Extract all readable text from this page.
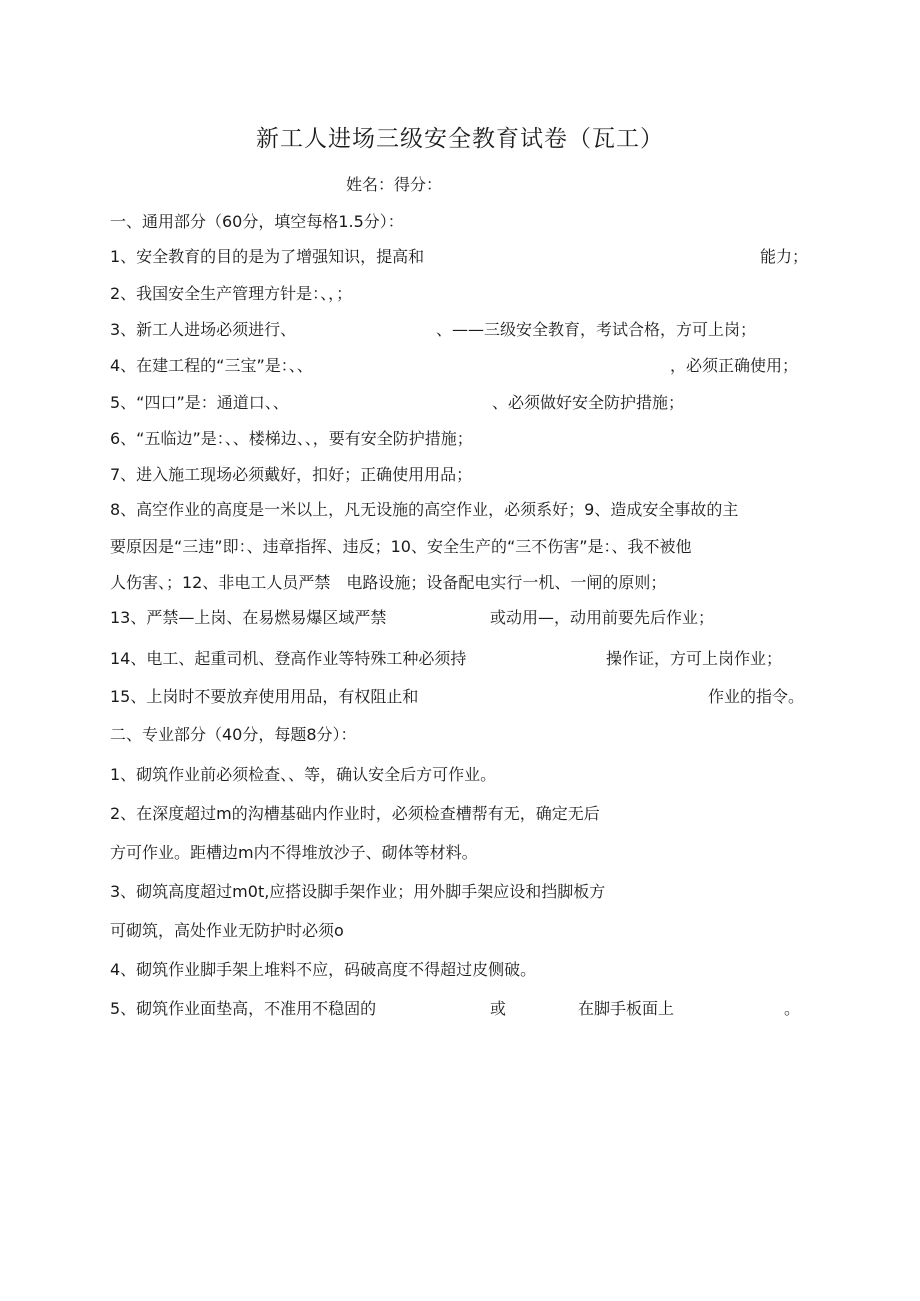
新工人进场三级安全教育试卷（瓦工）
姓名：得分：
一、通用部分（60分，填空每格1.5分）：
1、安全教育的目的是为了增强知识，提高和	能力；
2、我国安全生产管理方针是：、，；
3、新工人进场必须进行、	、——三级安全教育，考试合格，方可上岗；
4、在建工程的“三宝”是：、、	，必须正确使用；
5、“四口”是：通道口、、	、必须做好安全防护措施；
6、“五临边”是：、、楼梯边、、，要有安全防护措施；
7、进入施工现场必须戴好，扣好；正确使用用品；
8、高空作业的高度是一米以上，凡无设施的高空作业，必须系好；9、造成安全事故的主
要原因是“三违”即：、违章指挥、违反；10、安全生产的“三不伤害”是：、我不被他
人伤害、；12、非电工人员严禁　电路设施；设备配电实行一机、一闸的原则；
13、严禁—上岗、在易燃易爆区域严禁	或动用—，动用前要先后作业；
14、电工、起重司机、登高作业等特殊工种必须持	操作证，方可上岗作业；
15、上岗时不要放弃使用用品，有权阻止和	作业的指令。
二、专业部分（40分，每题8分）：
1、砌筑作业前必须检查、、等，确认安全后方可作业。
2、在深度超过m的沟槽基础内作业时，必须检查槽帮有无，确定无后
方可作业。距槽边m内不得堆放沙子、砌体等材料。
3、砌筑高度超过m0t,应搭设脚手架作业；用外脚手架应设和挡脚板方
可砌筑，高处作业无防护时必须o
4、砌筑作业脚手架上堆料不应，码破高度不得超过皮侧破。
5、砌筑作业面垫高，不准用不稳固的	或	在脚手板面上	。
